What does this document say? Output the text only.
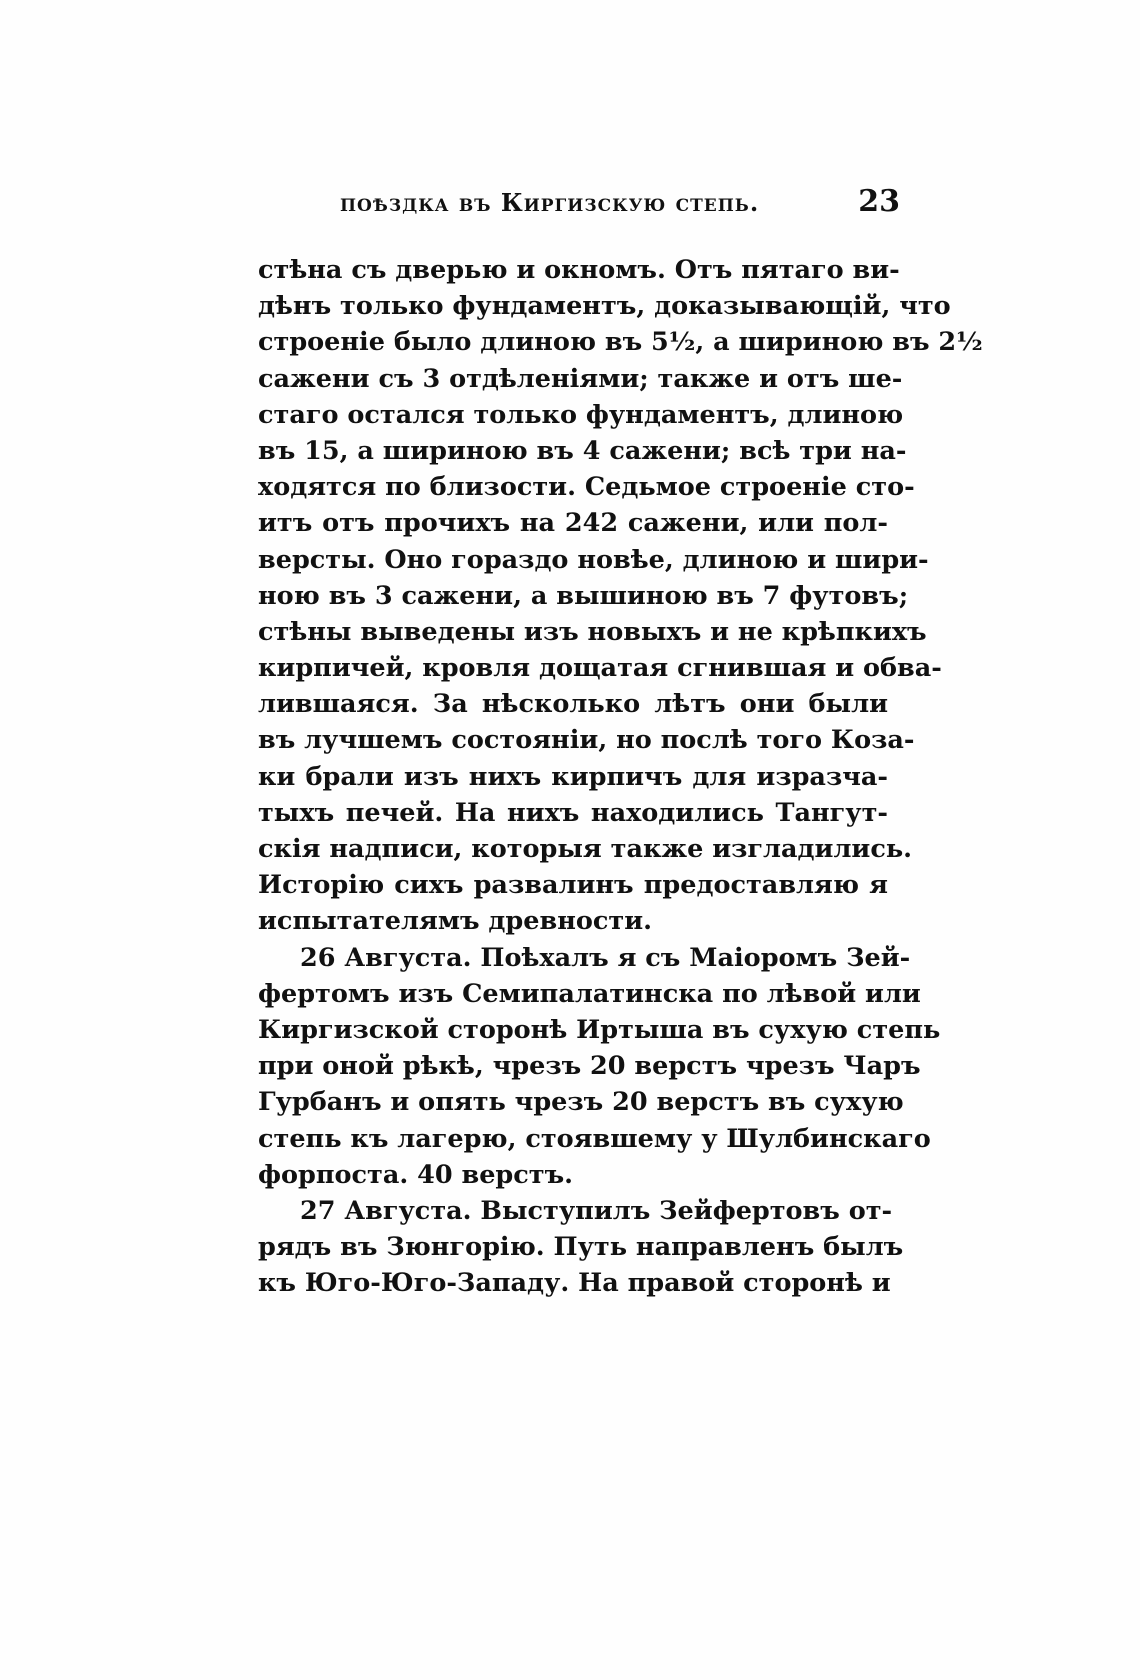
поѣздка въ Киргизскую степь.	23
стѣна съ дверью и окномъ. Отъ пятаго ви-
дѣнъ только фундаментъ, доказывающій, что
строеніе было длиною въ 5½, а шириною въ 2½
сажени съ 3 отдѣленіями; также и отъ ше-
стаго остался только фундаментъ, длиною
въ 15, а шириною въ 4 сажени; всѣ три на-
ходятся по близости. Седьмое строеніе сто-
итъ отъ прочихъ на 242 сажени, или пол-
версты. Оно гораздо новѣе, длиною и шири-
ною въ 3 сажени, а вышиною въ 7 футовъ;
стѣны выведены изъ новыхъ и не крѣпкихъ
кирпичей, кровля дощатая сгнившая и обва-
лившаяся. За нѣсколько лѣтъ они были
въ лучшемъ состояніи, но послѣ того Коза-
ки брали изъ нихъ кирпичъ для изразча-
тыхъ печей. На нихъ находились Тангут-
скія надписи, которыя также изгладились.
Исторію сихъ развалинъ предоставляю я
испытателямъ древности.
26 Августа. Поѣхалъ я съ Маіоромъ Зей-
фертомъ изъ Семипалатинска по лѣвой или
Киргизской сторонѣ Иртыша въ сухую степь
при оной рѣкѣ, чрезъ 20 верстъ чрезъ Чаръ
Гурбанъ и опять чрезъ 20 верстъ въ сухую
степь къ лагерю, стоявшему у Шулбинскаго
форпоста. 40 верстъ.
27 Августа. Выступилъ Зейфертовъ от-
рядъ въ Зюнгорію. Путь направленъ былъ
къ Юго-Юго-Западу. На правой сторонѣ и
